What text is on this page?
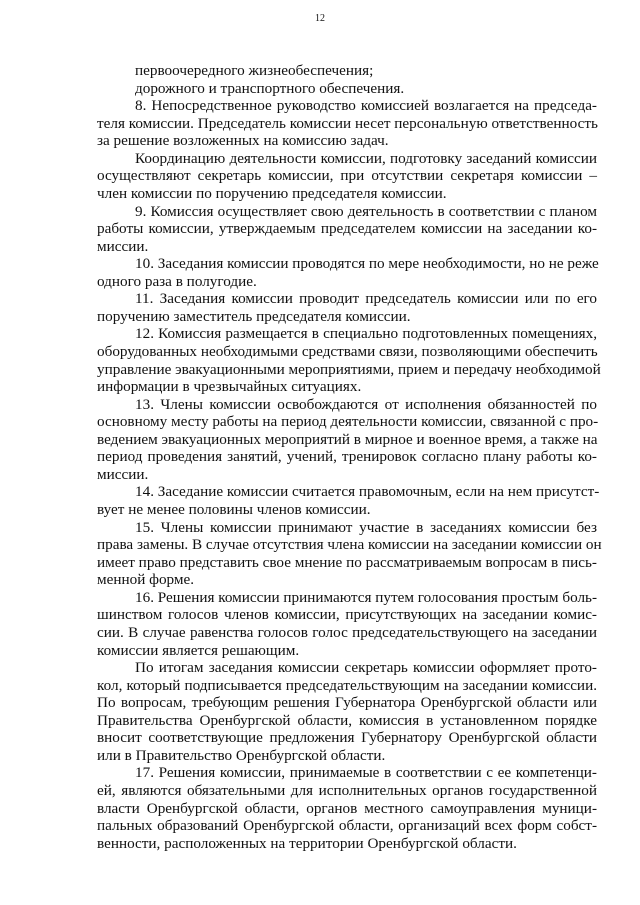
12
первоочередного жизнеобеспечения;
дорожного и транспортного обеспечения.
8. Непосредственное руководство комиссией возлагается на председа-
теля комиссии. Председатель комиссии несет персональную ответственность
за решение возложенных на комиссию задач.
Координацию деятельности комиссии, подготовку заседаний комиссии
осуществляют секретарь комиссии, при отсутствии секретаря комиссии –
член комиссии по поручению председателя комиссии.
9. Комиссия осуществляет свою деятельность в соответствии с планом
работы комиссии, утверждаемым председателем комиссии на заседании ко-
миссии.
10. Заседания комиссии проводятся по мере необходимости, но не реже
одного раза в полугодие.
11. Заседания комиссии проводит председатель комиссии или по его
поручению заместитель председателя комиссии.
12. Комиссия размещается в специально подготовленных помещениях,
оборудованных необходимыми средствами связи, позволяющими обеспечить
управление эвакуационными мероприятиями, прием и передачу необходимой
информации в чрезвычайных ситуациях.
13. Члены комиссии освобождаются от исполнения обязанностей по
основному месту работы на период деятельности комиссии, связанной с про-
ведением эвакуационных мероприятий в мирное и военное время, а также на
период проведения занятий, учений, тренировок согласно плану работы ко-
миссии.
14. Заседание комиссии считается правомочным, если на нем присутст-
вует не менее половины членов комиссии.
15. Члены комиссии принимают участие в заседаниях комиссии без
права замены. В случае отсутствия члена комиссии на заседании комиссии он
имеет право представить свое мнение по рассматриваемым вопросам в пись-
менной форме.
16. Решения комиссии принимаются путем голосования простым боль-
шинством голосов членов комиссии, присутствующих на заседании комис-
сии. В случае равенства голосов голос председательствующего на заседании
комиссии является решающим.
По итогам заседания комиссии секретарь комиссии оформляет прото-
кол, который подписывается председательствующим на заседании комиссии.
По вопросам, требующим решения Губернатора Оренбургской области или
Правительства Оренбургской области, комиссия в установленном порядке
вносит соответствующие предложения Губернатору Оренбургской области
или в Правительство Оренбургской области.
17. Решения комиссии, принимаемые в соответствии с ее компетенци-
ей, являются обязательными для исполнительных органов государственной
власти Оренбургской области, органов местного самоуправления муници-
пальных образований Оренбургской области, организаций всех форм собст-
венности, расположенных на территории Оренбургской области.
